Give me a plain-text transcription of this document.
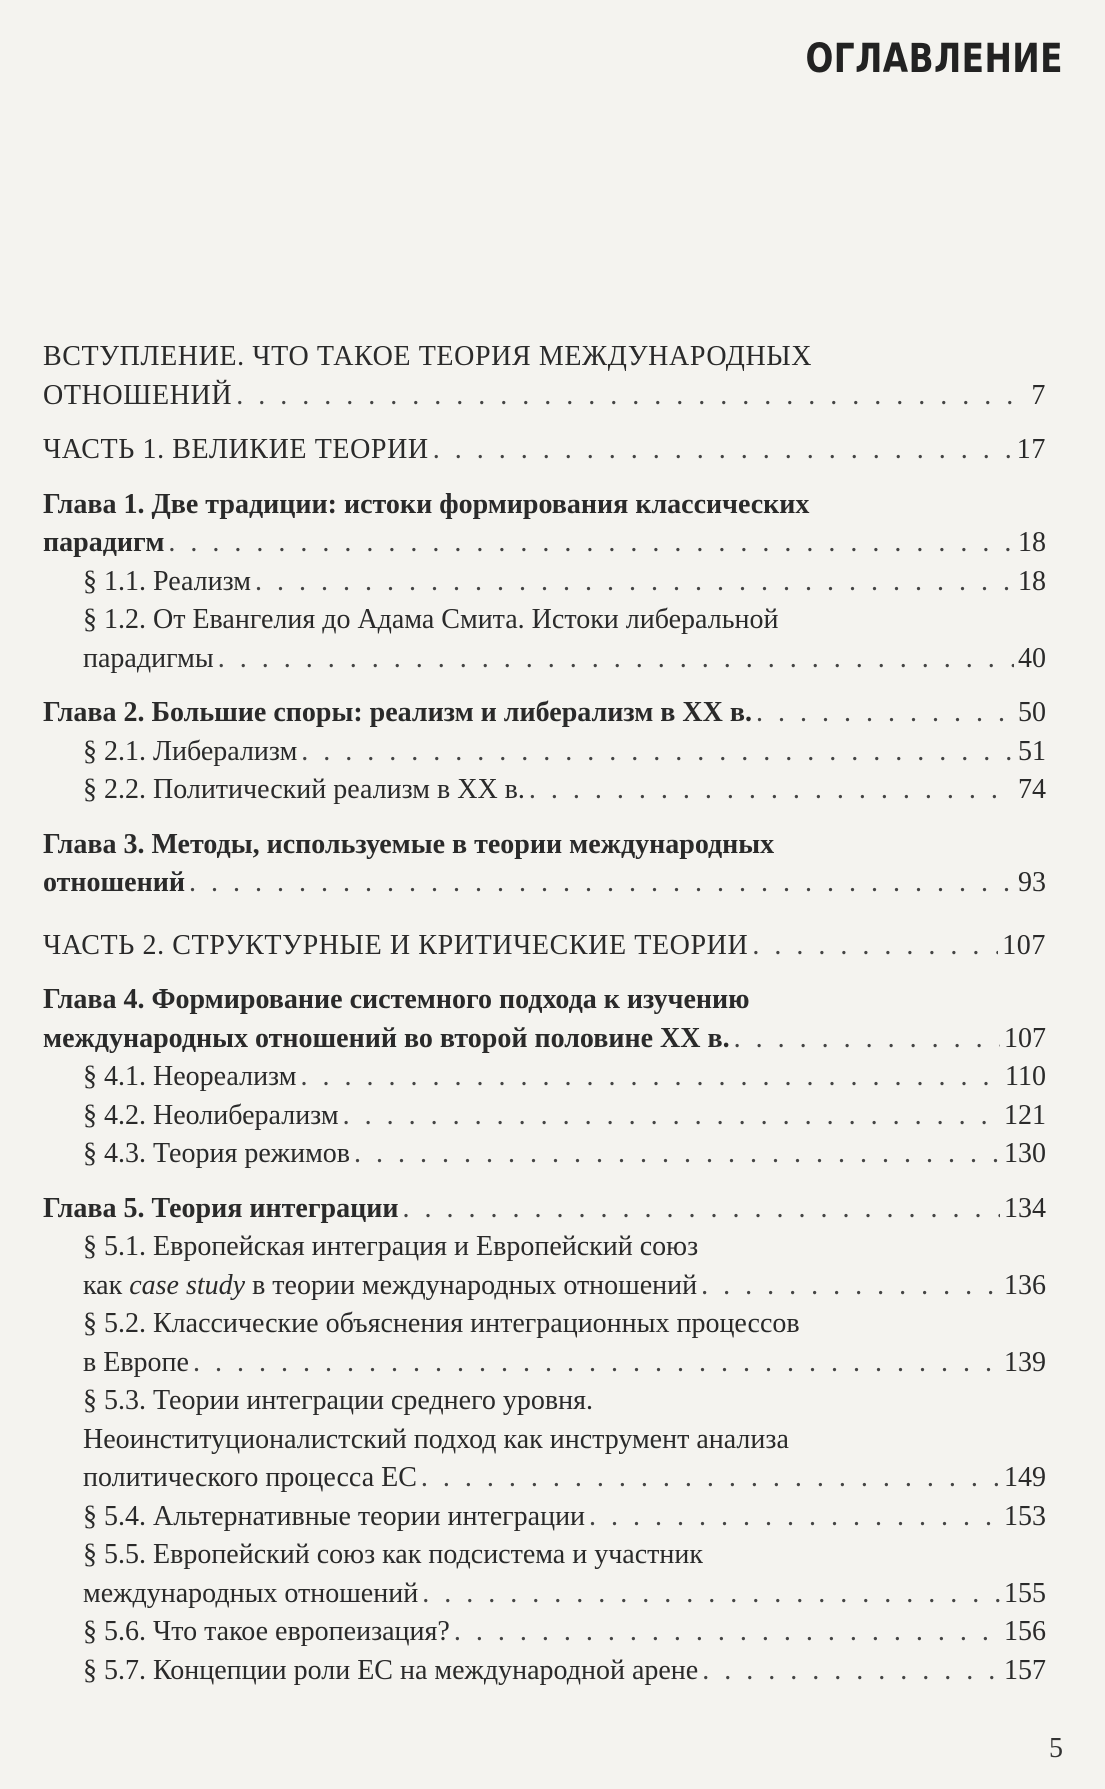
ОГЛАВЛЕНИЕ
ВСТУПЛЕНИЕ. ЧТО ТАКОЕ ТЕОРИЯ МЕЖДУНАРОДНЫХ
ОТНОШЕНИЙ . . .	7
ЧАСТЬ 1. ВЕЛИКИЕ ТЕОРИИ . . .	17
Глава 1. Две традиции: истоки формирования классических
парадигм . . .	18
§ 1.1. Реализм . . .	18
§ 1.2. От Евангелия до Адама Смита. Истоки либеральной
парадигмы . . .	40
Глава 2. Большие споры: реализм и либерализм в XX в. . . .	50
§ 2.1. Либерализм . . .	51
§ 2.2. Политический реализм в XX в. . . .	74
Глава 3. Методы, используемые в теории международных
отношений . . .	93
ЧАСТЬ 2. СТРУКТУРНЫЕ И КРИТИЧЕСКИЕ ТЕОРИИ . . .	107
Глава 4. Формирование системного подхода к изучению
международных отношений во второй половине XX в. . . .	107
§ 4.1. Неореализм . . .	110
§ 4.2. Неолиберализм . . .	121
§ 4.3. Теория режимов . . .	130
Глава 5. Теория интеграции . . .	134
§ 5.1. Европейская интеграция и Европейский союз
как case study в теории международных отношений . . .	136
§ 5.2. Классические объяснения интеграционных процессов
в Европе . . .	139
§ 5.3. Теории интеграции среднего уровня.
Неоинституционалистский подход как инструмент анализа
политического процесса ЕС . . .	149
§ 5.4. Альтернативные теории интеграции . . .	153
§ 5.5. Европейский союз как подсистема и участник
международных отношений . . .	155
§ 5.6. Что такое европеизация? . . .	156
§ 5.7. Концепции роли ЕС на международной арене . . .	157
5
